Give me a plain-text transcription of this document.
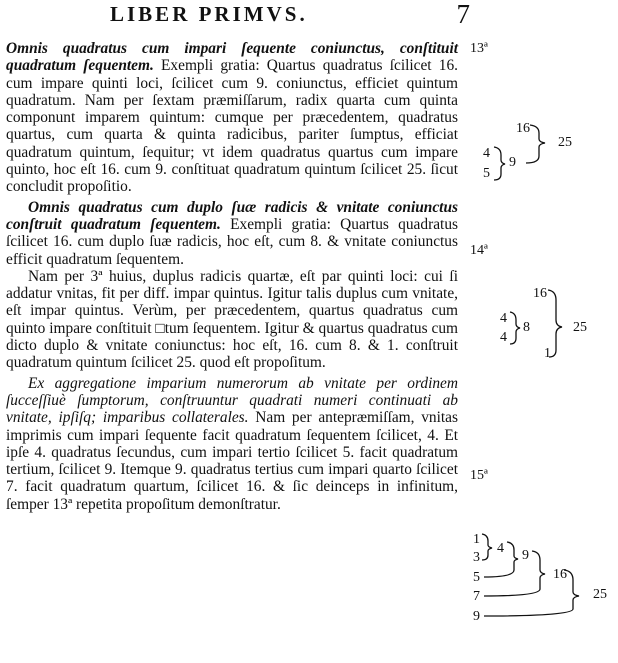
LIBER PRIMVS.	7

Omnis quadratus cum impari ſequente coniunctus, conſtituit quadratum ſequentem. Exempli gratia: Quartus quadratus ſcilicet 16. cum impare quinti loci, ſcilicet cum 9. coniunctus, efficiet quintum quadratum. Nam per ſextam præmiſſarum, radix quarta cum quinta componunt imparem quintum: cumque per præcedentem, quadratus quartus, cum quarta & quinta radicibus, pariter ſumptus, efficiat quadratum quintum, ſequitur; vt idem quadratus quartus cum impare quinto, hoc eſt 16. cum 9. conſtituat quadratum quintum ſcilicet 25. ſicut concludit propoſitio.

Omnis quadratus cum duplo ſuæ radicis & vnitate coniunctus conſtruit quadratum ſequentem. Exempli gratia: Quartus quadratus ſcilicet 16. cum duplo ſuæ radicis, hoc eſt, cum 8. & vnitate coniunctus efficit quadratum ſequentem.

Nam per 3ª huius, duplus radicis quartæ, eſt par quinti loci: cui ſi addatur vnitas, fit per diff. impar quintus. Igitur talis duplus cum vnitate, eſt impar quintus. Verùm, per præcedentem, quartus quadratus cum quinto impare conſtituit □tum ſequentem. Igitur & quartus quadratus cum dicto duplo & vnitate coniunctus: hoc eſt, 16. cum 8. & 1. conſtruit quadratum quintum ſcilicet 25. quod eſt propoſitum.

Ex aggregatione imparium numerorum ab vnitate per ordinem ſucceſſiuè ſumptorum, conſtruuntur quadrati numeri continuati ab vnitate, ipſiſq; imparibus collaterales. Nam per antepræmiſſam, vnitas imprimis cum impari ſequente facit quadratum ſequentem ſcilicet, 4. Et ipſe 4. quadratus ſecundus, cum impari tertio ſcilicet 5. facit quadratum tertium, ſcilicet 9. Itemque 9. quadratus tertius cum impari quarto ſcilicet 7. facit quadratum quartum, ſcilicet 16. & ſic deinceps in infinitum, ſemper 13ª repetita propoſitum demonſtratur.

13ª
14ª
15ª
16
4
5
9
25
16
4
4
8
1
25
1
3
5
7
9
4 9
16
25
